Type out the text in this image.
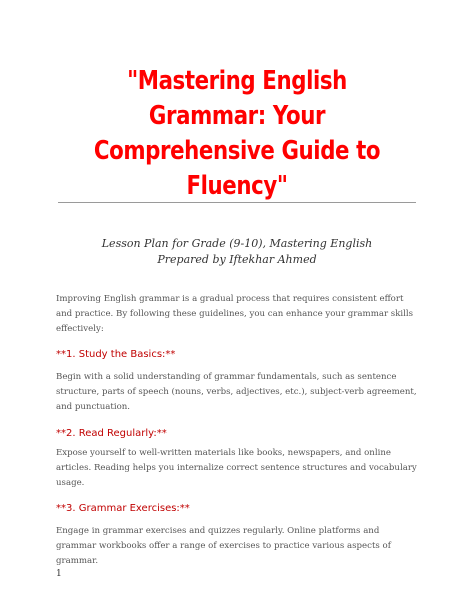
"Mastering English Grammar: Your Comprehensive Guide to Fluency"
Lesson Plan for Grade (9-10), Mastering English
Prepared by Iftekhar Ahmed
Improving English grammar is a gradual process that requires consistent effort and practice. By following these guidelines, you can enhance your grammar skills effectively:
**1. Study the Basics:**
Begin with a solid understanding of grammar fundamentals, such as sentence structure, parts of speech (nouns, verbs, adjectives, etc.), subject-verb agreement, and punctuation.
**2. Read Regularly:**
Expose yourself to well-written materials like books, newspapers, and online articles. Reading helps you internalize correct sentence structures and vocabulary usage.
**3. Grammar Exercises:**
Engage in grammar exercises and quizzes regularly. Online platforms and grammar workbooks offer a range of exercises to practice various aspects of grammar.
1
